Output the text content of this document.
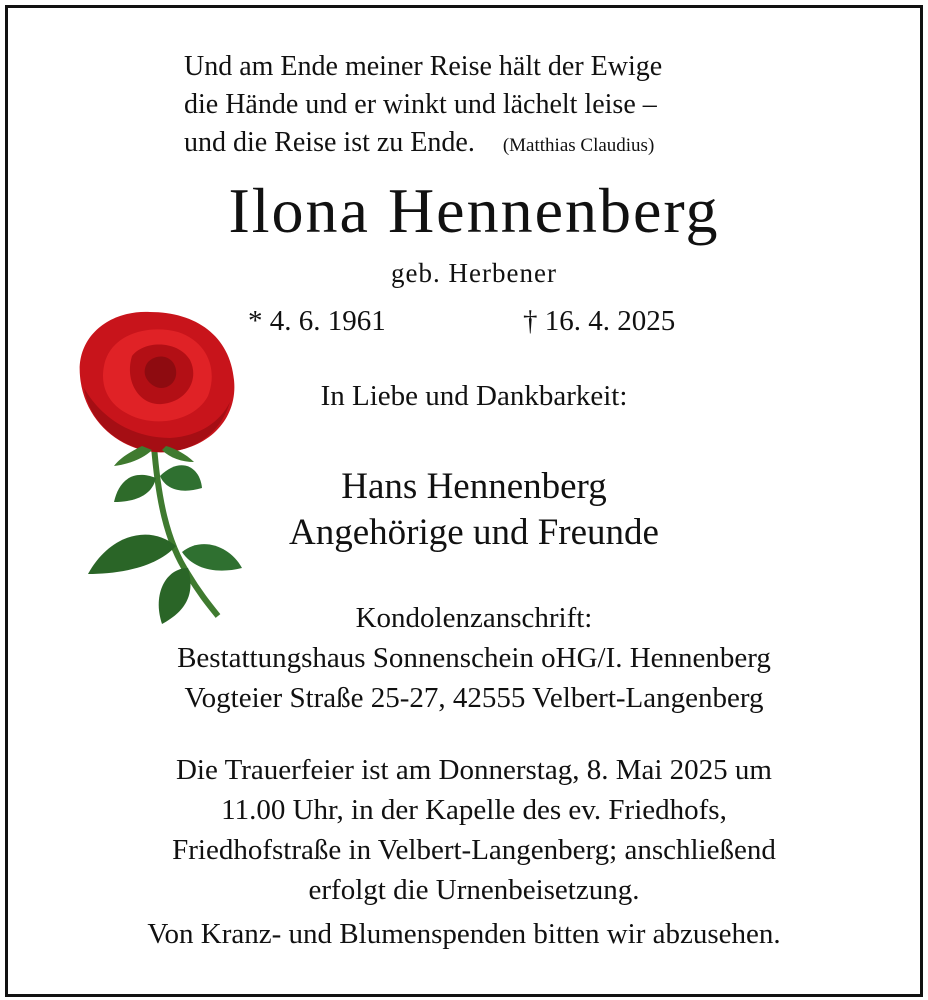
Und am Ende meiner Reise hält der Ewige
die Hände und er winkt und lächelt leise –
und die Reise ist zu Ende. (Matthias Claudius)
Ilona Hennenberg
geb. Herbener
* 4. 6. 1961	† 16. 4. 2025
In Liebe und Dankbarkeit:
Hans Hennenberg
Angehörige und Freunde
Kondolenzanschrift:
Bestattungshaus Sonnenschein oHG/I. Hennenberg
Vogteier Straße 25-27, 42555 Velbert-Langenberg
Die Trauerfeier ist am Donnerstag, 8. Mai 2025 um
11.00 Uhr, in der Kapelle des ev. Friedhofs,
Friedhofstraße in Velbert-Langenberg; anschließend
erfolgt die Urnenbeisetzung.
Von Kranz- und Blumenspenden bitten wir abzusehen.
